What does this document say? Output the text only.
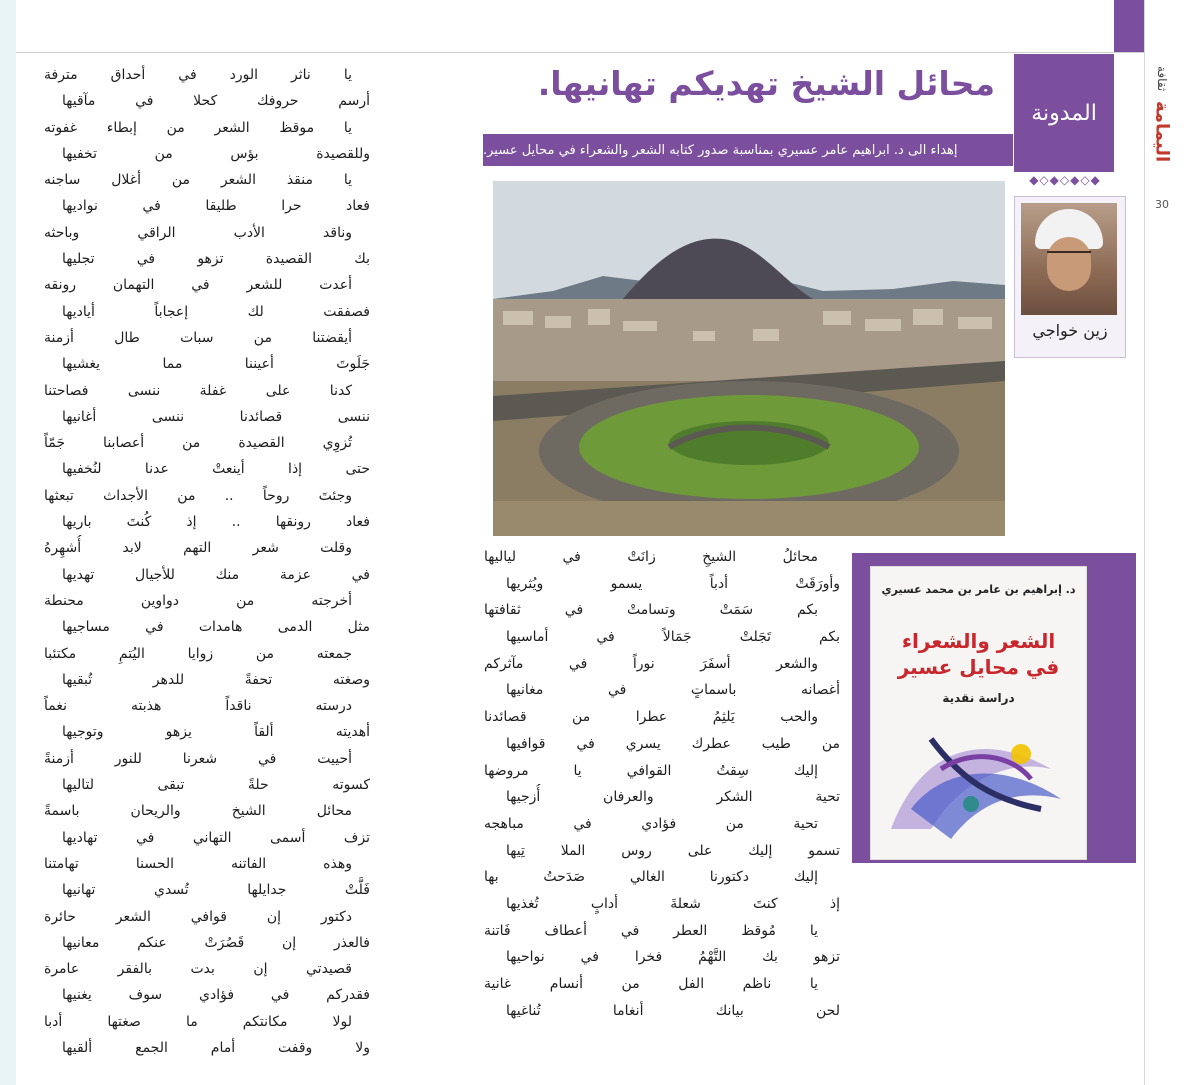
ثقافة
اليمامة
30
المدونة
محائل الشيخ تهديكم تهانيها.
إهداء الى د. ابراهيم عامر عسيري بمناسبة صدور كتابه الشعر والشعراء في محايل عسير.
◆◇◆◇◆◇◆
زين خواجي
د. إبراهيم بن عامر بن محمد عسيري
الشعر والشعراء
في محايل عسير
دراسة نقدية
يا ناثر الورد في أحداق مترفة
أرسم حروفك كحلا في مآقيها
يا موقظ الشعر من إبطاء غفوته
وللقصيدة بؤس من تخفيها
يا منقذ الشعر من أغلال ساجنه
فعاد حرا طليقا في نواديها
وناقد الأدب الراقي وباحثه
بك القصيدة تزهو في تجليها
أعدت للشعر في التهمان رونقه
فصفقت لك إعجاباً أياديها
أيقضتنا من سبات طال أزمنة
جَلَوتَ أعيننا مما يغشيها
كدنا على غفلة ننسى فصاحتنا
ننسى قصائدنا ننسى أغانيها
تُزوِي القصيدة من أعصابنا جَمّاً
حتى إذا أينعتْ عدنا لنُخفيها
وجئتَ روحاً .. من الأجداث تبعثها
فعاد رونقها .. إذ كُنتَ باريها
وقلت شعر التهم لابد أُشهِرهُ
في عزمة منك للأجيال تهديها
أخرجته من دواوين محنطة
مثل الدمى هامدات في مساجيها
جمعته من زوايا اليُتمِ مكتئبا
وصغته تحفةً للدهر تُبقيها
درسته ناقداً هذبته نغماً
أهديته ألقاً يزهو وتوجيها
أحييت في شعرنا للنور أزمنةً
كسوته حلةً تبقى لتاليها
محائل الشيخ والريحان باسمةً
تزف أسمى التهاني في تهاديها
وهذه الفاتنه الحسنا تهامتنا
فَلَّتْ جدايلها تُسدي تهانيها
دكتور إن قوافي الشعر حائرة
فالعذر إن قَصُرَتْ عنكم معانيها
قصيدتي إن بدت بالفقر عامرة
فقدركم في فؤادي سوف يغنيها
لولا مكانتكم ما صغتها أدبا
ولا وقفت أمام الجمع ألقيها
محائلُ الشيخِ زانَتْ في لياليها
وأورَقَتْ أدباً يسمو ويُثريها
بكم سَمَتْ وتسامتْ في ثقافتها
بكم تَجَلتْ جَمَالاً في أماسيها
والشعر أسفَرَ نوراً في مآثركم
أغصانه باسماتٍ في مغانيها
والحب يَلثِمُ عطرا من قصائدنا
من طيب عطرك يسري في قوافيها
إليك سِقتُ القوافي يا مروضها
تحية الشكر والعرفان أُزجيها
تحية من فؤادي في مباهجه
تسمو إليك على روس الملا تِيها
إليك دكتورنا الغالي صَدَحتُ بها
إذ كنتَ شعلةَ أدابٍ تُغذيها
يا مُوقظ العطر في أعطاف فَاتنة
تزهو بك التَّهْمُ فخرا في نواحيها
يا ناظم الفل من أنسام غانية
لحن بيانك أنغاما تُناغيها
